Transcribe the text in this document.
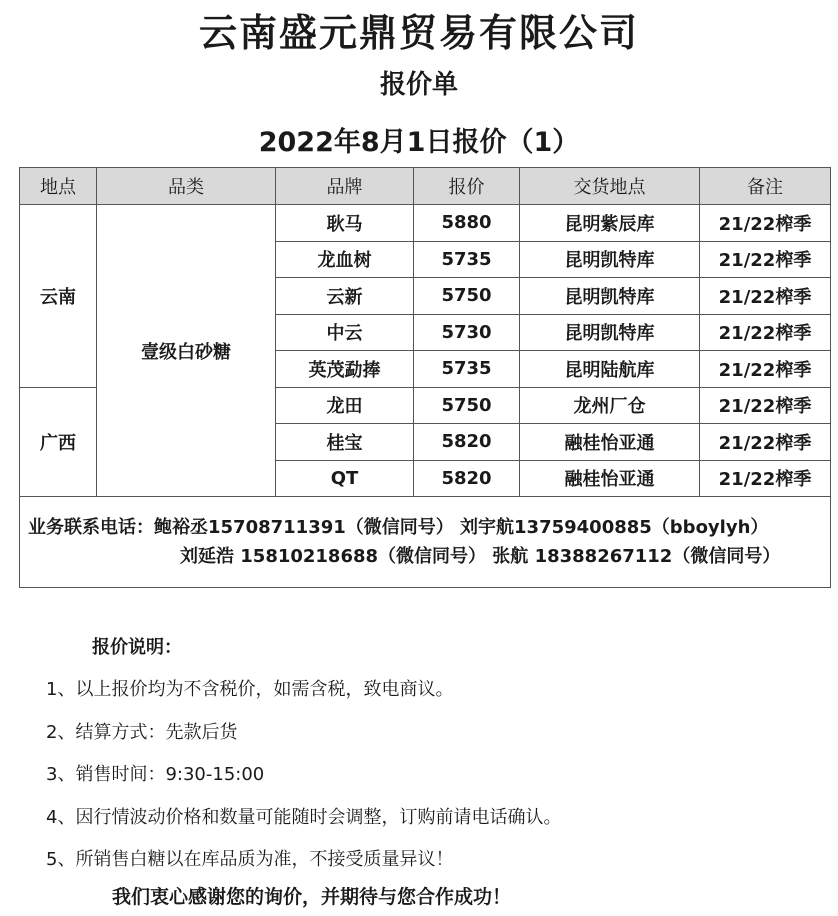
云南盛元鼎贸易有限公司
报价单
2022年8月1日报价（1）
地点	品类	品牌	报价	交货地点	备注
云南	壹级白砂糖	耿马	5880	昆明紫辰库	21/22榨季
		龙血树	5735	昆明凯特库	21/22榨季
		云新	5750	昆明凯特库	21/22榨季
		中云	5730	昆明凯特库	21/22榨季
		英茂勐捧	5735	昆明陆航库	21/22榨季
广西		龙田	5750	龙州厂仓	21/22榨季
		桂宝	5820	融桂怡亚通	21/22榨季
		QT	5820	融桂怡亚通	21/22榨季

业务联系电话：鲍裕丞15708711391（微信同号） 刘宇航13759400885（bboylyh）
刘延浩 15810218688（微信同号） 张航 18388267112（微信同号）					
报价说明：
1、以上报价均为不含税价，如需含税，致电商议。
2、结算方式：先款后货
3、销售时间：9:30-15:00
4、因行情波动价格和数量可能随时会调整，订购前请电话确认。
5、所销售白糖以在库品质为准，不接受质量异议！
我们衷心感谢您的询价，并期待与您合作成功！
